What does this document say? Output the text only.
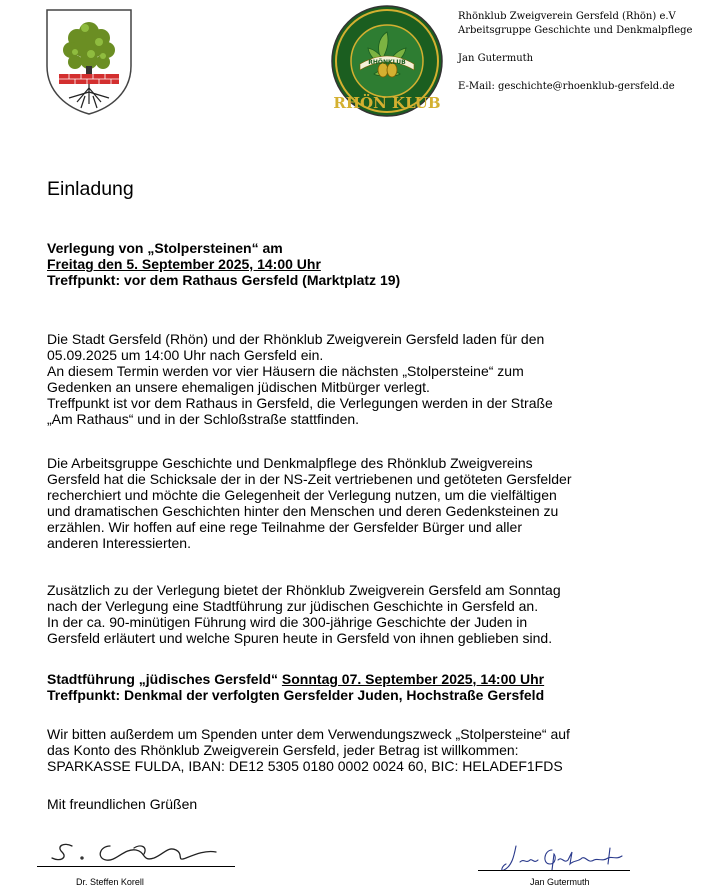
RHÖNKLUB
RHÖN KLUB
Rhönklub Zweigverein Gersfeld (Rhön) e.V
Arbeitsgruppe Geschichte und Denkmalpflege
Jan Gutermuth
E-Mail: geschichte@rhoenklub-gersfeld.de
Einladung
Verlegung von „Stolpersteinen“ am
Freitag den 5. September 2025, 14:00 Uhr
Treffpunkt: vor dem Rathaus Gersfeld (Marktplatz 19)
Die Stadt Gersfeld (Rhön) und der Rhönklub Zweigverein Gersfeld laden für den
05.09.2025 um 14:00 Uhr nach Gersfeld ein.
An diesem Termin werden vor vier Häusern die nächsten „Stolpersteine“ zum
Gedenken an unsere ehemaligen jüdischen Mitbürger verlegt.
Treffpunkt ist vor dem Rathaus in Gersfeld, die Verlegungen werden in der Straße
„Am Rathaus“ und in der Schloßstraße stattfinden.
Die Arbeitsgruppe Geschichte und Denkmalpflege des Rhönklub Zweigvereins
Gersfeld hat die Schicksale der in der NS-Zeit vertriebenen und getöteten Gersfelder
recherchiert und möchte die Gelegenheit der Verlegung nutzen, um die vielfältigen
und dramatischen Geschichten hinter den Menschen und deren Gedenksteinen zu
erzählen. Wir hoffen auf eine rege Teilnahme der Gersfelder Bürger und aller
anderen Interessierten.
Zusätzlich zu der Verlegung bietet der Rhönklub Zweigverein Gersfeld am Sonntag
nach der Verlegung eine Stadtführung zur jüdischen Geschichte in Gersfeld an.
In der ca. 90-minütigen Führung wird die 300-jährige Geschichte der Juden in
Gersfeld erläutert und welche Spuren heute in Gersfeld von ihnen geblieben sind.
Stadtführung „jüdisches Gersfeld“ Sonntag 07. September 2025, 14:00 Uhr
Treffpunkt: Denkmal der verfolgten Gersfelder Juden, Hochstraße Gersfeld
Wir bitten außerdem um Spenden unter dem Verwendungszweck „Stolpersteine“ auf
das Konto des Rhönklub Zweigverein Gersfeld, jeder Betrag ist willkommen:
SPARKASSE FULDA, IBAN: DE12 5305 0180 0002 0024 60, BIC: HELADEF1FDS
Mit freundlichen Grüßen
Dr. Steffen Korell	Jan Gutermuth
